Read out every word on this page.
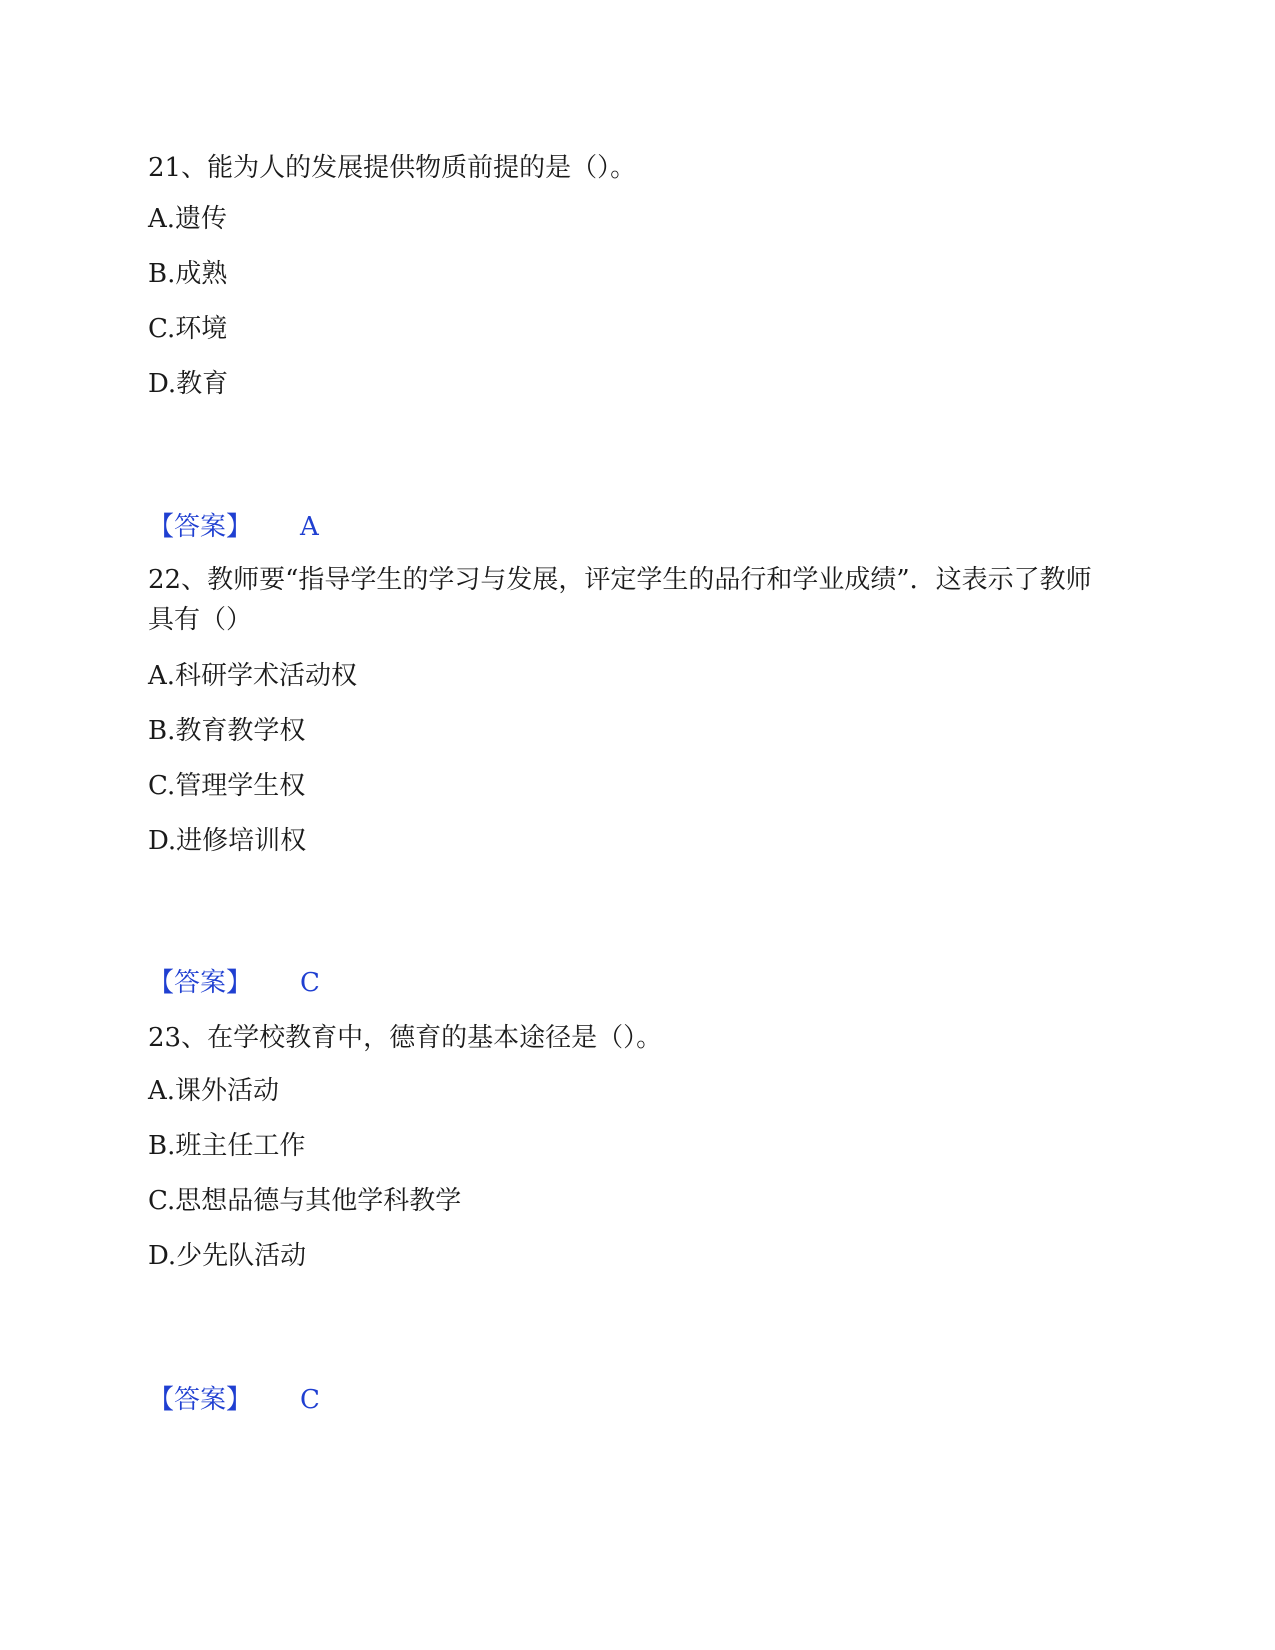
21、能为人的发展提供物质前提的是（）。
A.遗传
B.成熟
C.环境
D.教育
【答案】 A
22、教师要“指导学生的学习与发展，评定学生的品行和学业成绩”．这表示了教师具有（）
A.科研学术活动权
B.教育教学权
C.管理学生权
D.进修培训权
【答案】 C
23、在学校教育中，德育的基本途径是（）。
A.课外活动
B.班主任工作
C.思想品德与其他学科教学
D.少先队活动
【答案】 C
